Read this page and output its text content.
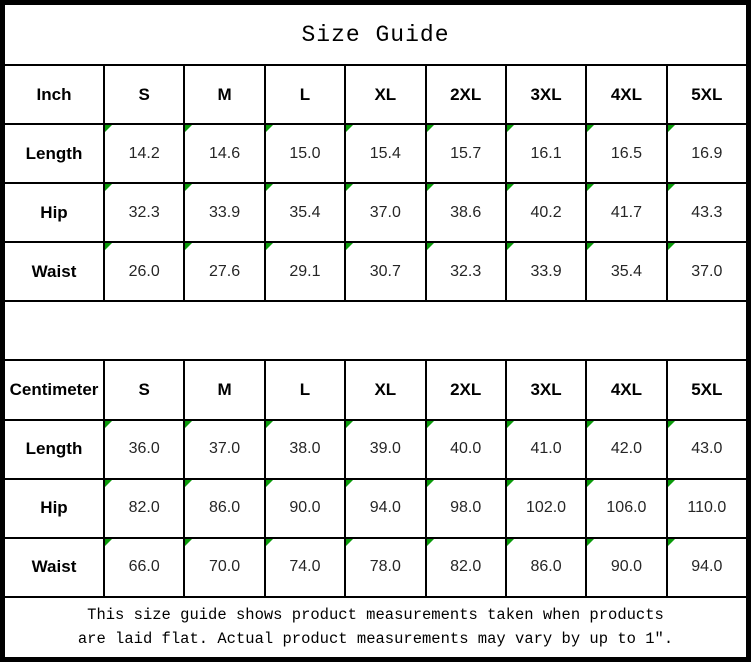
Size Guide								
Inch	S	M	L	XL	2XL	3XL	4XL	5XL
Length	14.2	14.6	15.0	15.4	15.7	16.1	16.5	16.9
Hip	32.3	33.9	35.4	37.0	38.6	40.2	41.7	43.3
Waist	26.0	27.6	29.1	30.7	32.3	33.9	35.4	37.0

Centimeter	S	M	L	XL	2XL	3XL	4XL	5XL
Length	36.0	37.0	38.0	39.0	40.0	41.0	42.0	43.0
Hip	82.0	86.0	90.0	94.0	98.0	102.0	106.0	110.0
Waist	66.0	70.0	74.0	78.0	82.0	86.0	90.0	94.0

This size guide shows product measurements taken when products
are laid flat. Actual product measurements may vary by up to 1″.								
